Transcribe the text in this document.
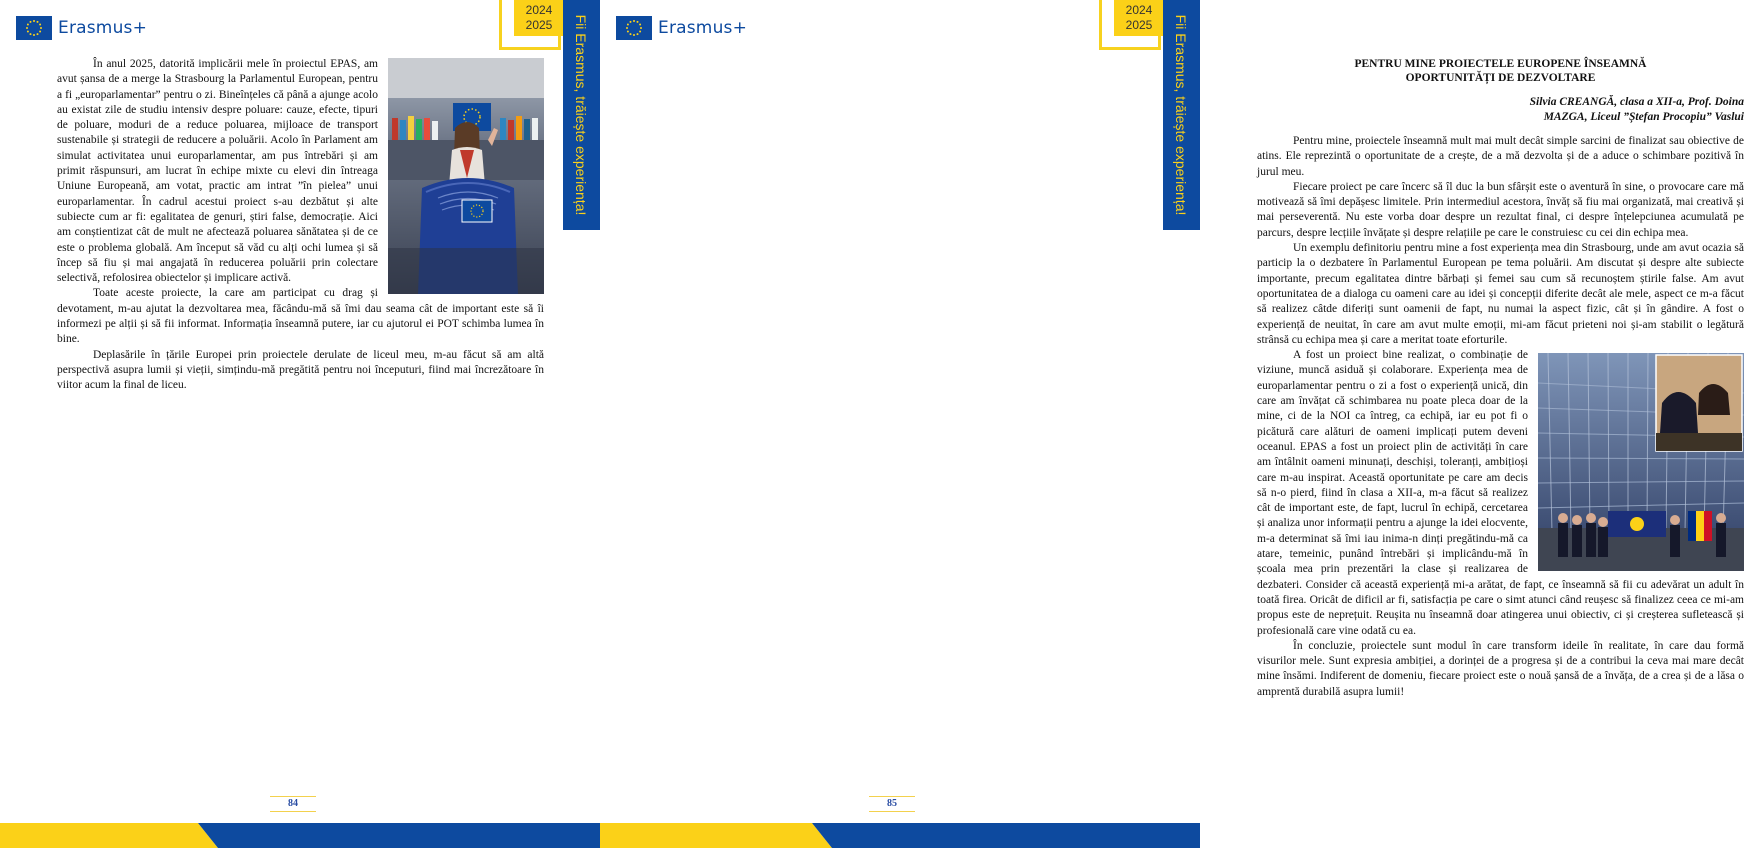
Erasmus+
2024
2025	Fii Erasmus, trăiește experiența!

În anul 2025, datorită implicării mele în proiectul EPAS, am avut șansa de a merge la Strasbourg la Parlamentul European, pentru a fi „europarlamentar” pentru o zi. Bineînțeles că până a ajunge acolo au existat zile de studiu intensiv despre poluare: cauze, efecte, tipuri de poluare, moduri de a reduce poluarea, mijloace de transport sustenabile și strategii de reducere a poluării. Acolo în Parlament am simulat activitatea unui europarlamentar, am pus întrebări și am primit răspunsuri, am lucrat în echipe mixte cu elevi din întreaga Uniune Europeană, am votat, practic am intrat ”în pielea” unui europarlamentar. În cadrul acestui proiect s-au dezbătut și alte subiecte cum ar fi: egalitatea de genuri, știri false, democrație. Aici am conștientizat cât de mult ne afectează poluarea sănătatea și de ce este o problema globală. Am început să văd cu alți ochi lumea și să încep să fiu și mai angajată în reducerea poluării prin colectare selectivă, refolosirea obiectelor și implicare activă.

Toate aceste proiecte, la care am participat cu drag și devotament, m-au ajutat la dezvoltarea mea, făcându-mă să îmi dau seama cât de important este să îi informezi pe alții și să fii informat. Informația înseamnă putere, iar cu ajutorul ei POT schimba lumea în bine.

Deplasările în țările Europei prin proiectele derulate de liceul meu, m-au făcut să am altă perspectivă asupra lumii și vieții, simțindu-mă pregătită pentru noi începuturi, fiind mai încrezătoare în viitor acum la final de liceu.

84
Erasmus+
2024
2025	Fii Erasmus, trăiește experiența!	PENTRU MINE PROIECTELE EUROPENE ÎNSEAMNĂ
OPORTUNITĂȚI DE DEZVOLTARE
Silvia CREANGĂ, clasa a XII-a, Prof. Doina
MAZGA, Liceul ”Ștefan Procopiu” Vaslui

Pentru mine, proiectele înseamnă mult mai mult decât simple sarcini de finalizat sau obiective de atins. Ele reprezintă o oportunitate de a crește, de a mă dezvolta și de a aduce o schimbare pozitivă în jurul meu.

Fiecare proiect pe care încerc să îl duc la bun sfârșit este o aventură în sine, o provocare care mă motivează să îmi depășesc limitele. Prin intermediul acestora, învăț să fiu mai organizată, mai creativă și mai perseverentă. Nu este vorba doar despre un rezultat final, ci despre înțelepciunea acumulată pe parcurs, despre lecțiile învățate și despre relațiile pe care le construiesc cu cei din echipa mea.

Un exemplu definitoriu pentru mine a fost experiența mea din Strasbourg, unde am avut ocazia să particip la o dezbatere în Parlamentul European pe tema poluării. Am discutat și despre alte subiecte importante, precum egalitatea dintre bărbați și femei sau cum să recunoștem știrile false. Am avut oportunitatea de a dialoga cu oameni care au idei și concepții diferite decât ale mele, aspect ce m-a făcut să realizez câtde diferiți sunt oamenii de fapt, nu numai la aspect fizic, cât și în gândire. A fost o experiență de neuitat, în care am avut multe emoții, mi-am făcut prieteni noi și-am stabilit o legătură strânsă cu echipa mea și care a meritat toate eforturile.

A fost un proiect bine realizat, o combinație de viziune, muncă asiduă și colaborare. Experiența mea de europarlamentar pentru o zi a fost o experiență unică, din care am învățat că schimbarea nu poate pleca doar de la mine, ci de la NOI ca întreg, ca echipă, iar eu pot fi o picătură care alături de oameni implicați putem deveni oceanul. EPAS a fost un proiect plin de activități în care am întâlnit oameni minunați, deschiși, toleranți, ambițioși care m-au inspirat. Această oportunitate pe care am decis să n-o pierd, fiind în clasa a XII-a, m-a făcut să realizez cât de important este, de fapt, lucrul în echipă, cercetarea și analiza unor informații pentru a ajunge la idei elocvente, m-a determinat să îmi iau inima-n dinți pregătindu-mă ca atare, temeinic, punând întrebări și implicându-mă în școala mea prin prezentări la clase și realizarea de dezbateri. Consider că această experiență mi-a arătat, de fapt, ce înseamnă să fii cu adevărat un adult în toată firea. Oricât de dificil ar fi, satisfacția pe care o simt atunci când reușesc să finalizez ceea ce mi-am propus este de neprețuit. Reușita nu înseamnă doar atingerea unui obiectiv, ci și creșterea sufletească și profesională care vine odată cu ea.

În concluzie, proiectele sunt modul în care transform ideile în realitate, în care dau formă visurilor mele. Sunt expresia ambiției, a dorinței de a progresa și de a contribui la ceva mai mare decât mine însămi. Indiferent de domeniu, fiecare proiect este o nouă șansă de a învăța, de a crea și de a lăsa o amprentă durabilă asupra lumii!

85
